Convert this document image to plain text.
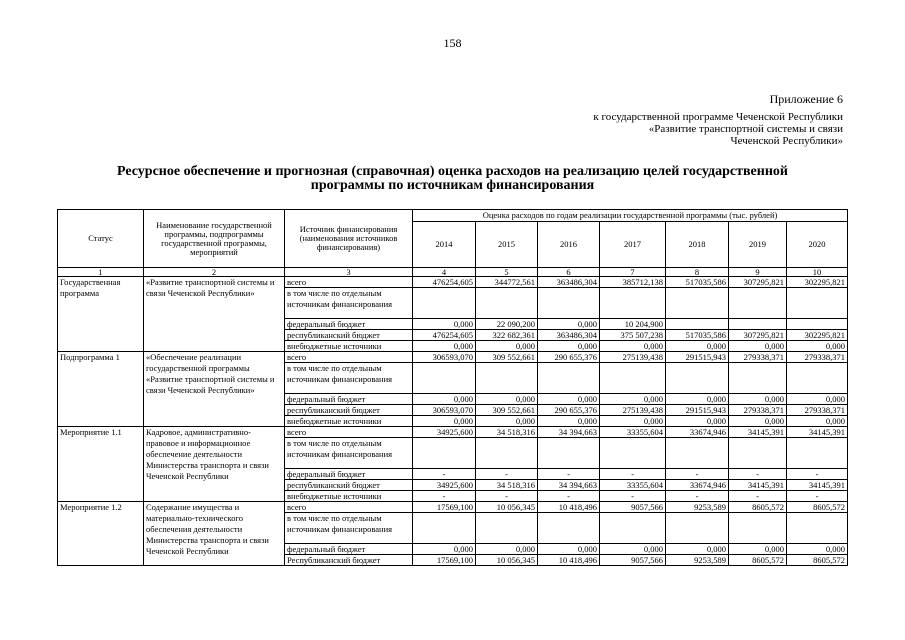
158
Приложение 6
к государственной программе Чеченской Республики
«Развитие транспортной системы и связи
Чеченской Республики»
Ресурсное обеспечение и прогнозная (справочная) оценка расходов на реализацию целей государственной
программы по источникам финансирования
Статус	Наименование государственной программы, подпрограммы государственной программы, мероприятий	Источник финансирования (наименования источников финансирования)	Оценка расходов по годам реализации государственной программы (тыс. рублей)						
			2014	2015	2016	2017	2018	2019	2020
1	2	3	4	5	6	7	8	9	10
Государственная программа	«Развитие транспортной системы и связи Чеченской Республики»	всего	476254,605	344772,561	363486,304	385712,138	517035,586	307295,821	302295,821
		в том числе по отдельным источникам финансирования							
		федеральный бюджет	0,000	22 090,200	0,000	10 204,900			
		республиканский бюджет	476254,605	322 682,361	363486,304	375 507,238	517035,586	307295,821	302295,821
		внебюджетные источники	0,000	0,000	0,000	0,000	0,000	0,000	0,000
Подпрограмма 1	«Обеспечение реализации государственной программы «Развитие транспортной системы и связи Чеченской Республики»	всего	306593,070	309 552,661	290 655,376	275139,438	291515,943	279338,371	279338,371
		в том числе по отдельным источникам финансирования							
		федеральный бюджет	0,000	0,000	0,000	0,000	0,000	0,000	0,000
		республиканский бюджет	306593,070	309 552,661	290 655,376	275139,438	291515,943	279338,371	279338,371
		внебюджетные источники	0,000	0,000	0,000	0,000	0,000	0,000	0,000
Мероприятие 1.1	Кадровое, административно-правовое и информационное обеспечение деятельности Министерства транспорта и связи Чеченской Республики	всего	34925,600	34 518,316	34 394,663	33355,604	33674,946	34145,391	34145,391
		в том числе по отдельным источникам финансирования							
		федеральный бюджет	-	-	-	-	-	-	-
		республиканский бюджет	34925,600	34 518,316	34 394,663	33355,604	33674,946	34145,391	34145,391
		внебюджетные источники	-	-	-	-	-	-	-
Мероприятие 1.2	Содержание имущества и материально-технического обеспечения деятельности Министерства транспорта и связи Чеченской Республики	всего	17569,100	10 056,345	10 418,496	9057,566	9253,589	8605,572	8605,572
		в том числе по отдельным источникам финансирования							
		федеральный бюджет	0,000	0,000	0,000	0,000	0,000	0,000	0,000
		Республиканский бюджет	17569,100	10 056,345	10 418,496	9057,566	9253,589	8605,572	8605,572
